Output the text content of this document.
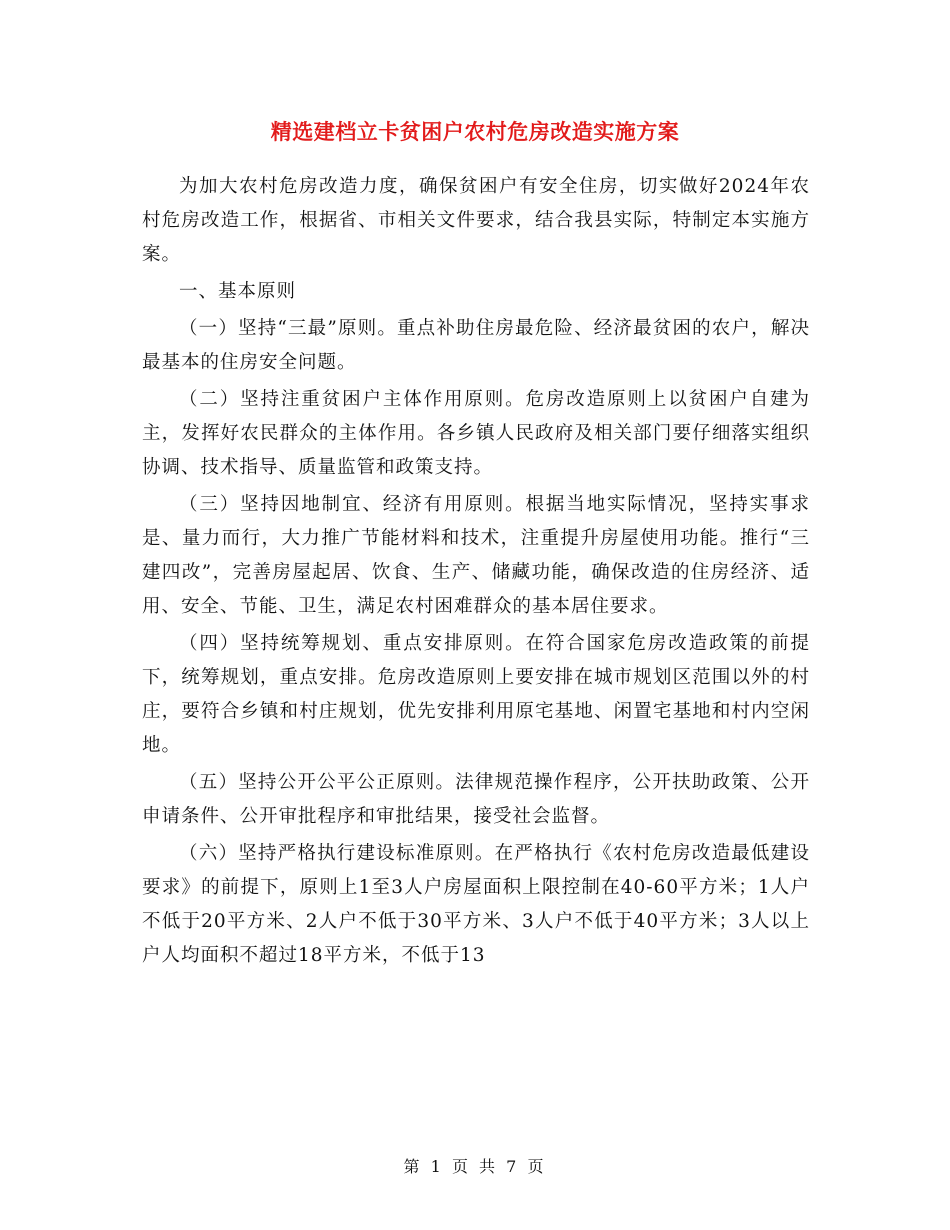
精选建档立卡贫困户农村危房改造实施方案

为加大农村危房改造力度，确保贫困户有安全住房，切实做好2024年农村危房改造工作，根据省、市相关文件要求，结合我县实际，特制定本实施方案。

一、基本原则

（一）坚持“三最”原则。重点补助住房最危险、经济最贫困的农户，解决最基本的住房安全问题。

（二）坚持注重贫困户主体作用原则。危房改造原则上以贫困户自建为主，发挥好农民群众的主体作用。各乡镇人民政府及相关部门要仔细落实组织协调、技术指导、质量监管和政策支持。

（三）坚持因地制宜、经济有用原则。根据当地实际情况，坚持实事求是、量力而行，大力推广节能材料和技术，注重提升房屋使用功能。推行“三建四改”，完善房屋起居、饮食、生产、储藏功能，确保改造的住房经济、适用、安全、节能、卫生，满足农村困难群众的基本居住要求。

（四）坚持统筹规划、重点安排原则。在符合国家危房改造政策的前提下，统筹规划，重点安排。危房改造原则上要安排在城市规划区范围以外的村庄，要符合乡镇和村庄规划，优先安排利用原宅基地、闲置宅基地和村内空闲地。

（五）坚持公开公平公正原则。法律规范操作程序，公开扶助政策、公开申请条件、公开审批程序和审批结果，接受社会监督。

（六）坚持严格执行建设标准原则。在严格执行《农村危房改造最低建设要求》的前提下，原则上1至3人户房屋面积上限控制在40-60平方米；1人户不低于20平方米、2人户不低于30平方米、3人户不低于40平方米；3人以上户人均面积不超过18平方米，不低于13

第 1 页 共 7 页
